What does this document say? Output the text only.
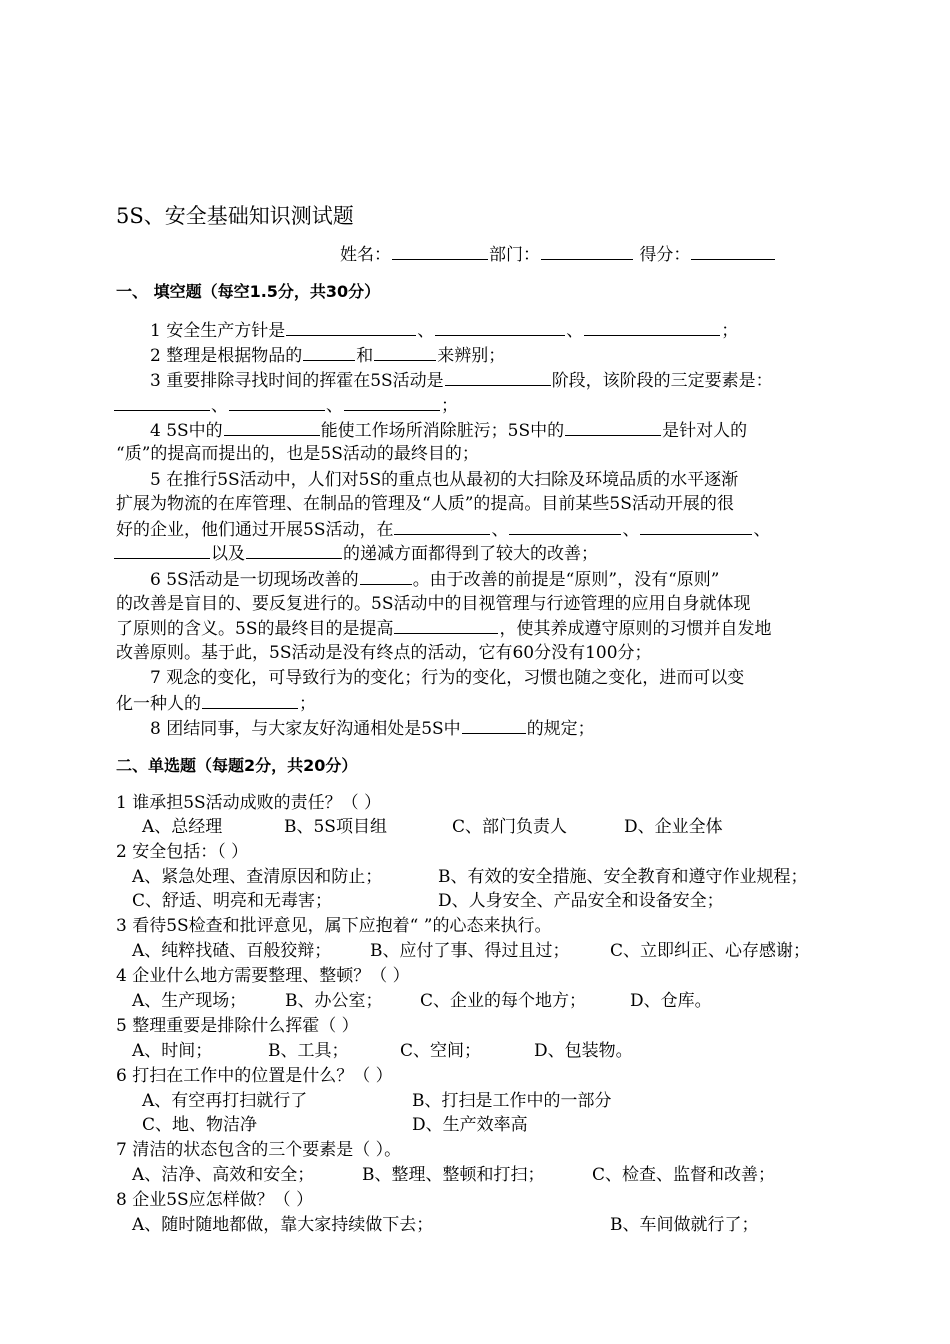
5S、安全基础知识测试题
姓名：	部门：	得分：
一、 填空题（每空1.5分，共30分）
1 安全生产方针是	、	、	；
2 整理是根据物品的	和	来辨别；
3 重要排除寻找时间的挥霍在5S活动是	阶段，该阶段的三定要素是：
、	、	；
4 5S中的	能使工作场所消除脏污；5S中的	是针对人的
“质”的提高而提出的，也是5S活动的最终目的；
5 在推行5S活动中，人们对5S的重点也从最初的大扫除及环境品质的水平逐渐
扩展为物流的在库管理、在制品的管理及“人质”的提高。目前某些5S活动开展的很
好的企业，他们通过开展5S活动，在	、	、	、
以及	的递减方面都得到了较大的改善；
6 5S活动是一切现场改善的	。由于改善的前提是“原则”，没有“原则”
的改善是盲目的、要反复进行的。5S活动中的目视管理与行迹管理的应用自身就体现
了原则的含义。5S的最终目的是提高	，使其养成遵守原则的习惯并自发地
改善原则。基于此，5S活动是没有终点的活动，它有60分没有100分；
7 观念的变化，可导致行为的变化；行为的变化，习惯也随之变化，进而可以变
化一种人的	；
8 团结同事，与大家友好沟通相处是5S中	的规定；
二、单选题（每题2分，共20分）
1 谁承担5S活动成败的责任？（ ）
A、总经理	B、5S项目组	C、部门负责人	D、企业全体
2 安全包括：（ ）
A、紧急处理、查清原因和防止；	B、有效的安全措施、安全教育和遵守作业规程；
C、舒适、明亮和无毒害；	D、人身安全、产品安全和设备安全；
3 看待5S检查和批评意见，属下应抱着“ ”的心态来执行。
A、纯粹找碴、百般狡辩； B、应付了事、得过且过； C、立即纠正、心存感谢；
4 企业什么地方需要整理、整顿？（ ）
A、生产现场； B、办公室； C、企业的每个地方；	D、仓库。
5 整理重要是排除什么挥霍（ ）
A、时间；	B、工具；	C、空间；	D、包装物。
6 打扫在工作中的位置是什么？（ ）
A、有空再打扫就行了	B、打扫是工作中的一部分
C、地、物洁净	D、生产效率高
7 清洁的状态包含的三个要素是（ ）。
A、洁净、高效和安全；	B、整理、整顿和打扫；	C、检查、监督和改善；
8 企业5S应怎样做？（ ）
A、随时随地都做，靠大家持续做下去；	B、车间做就行了；
